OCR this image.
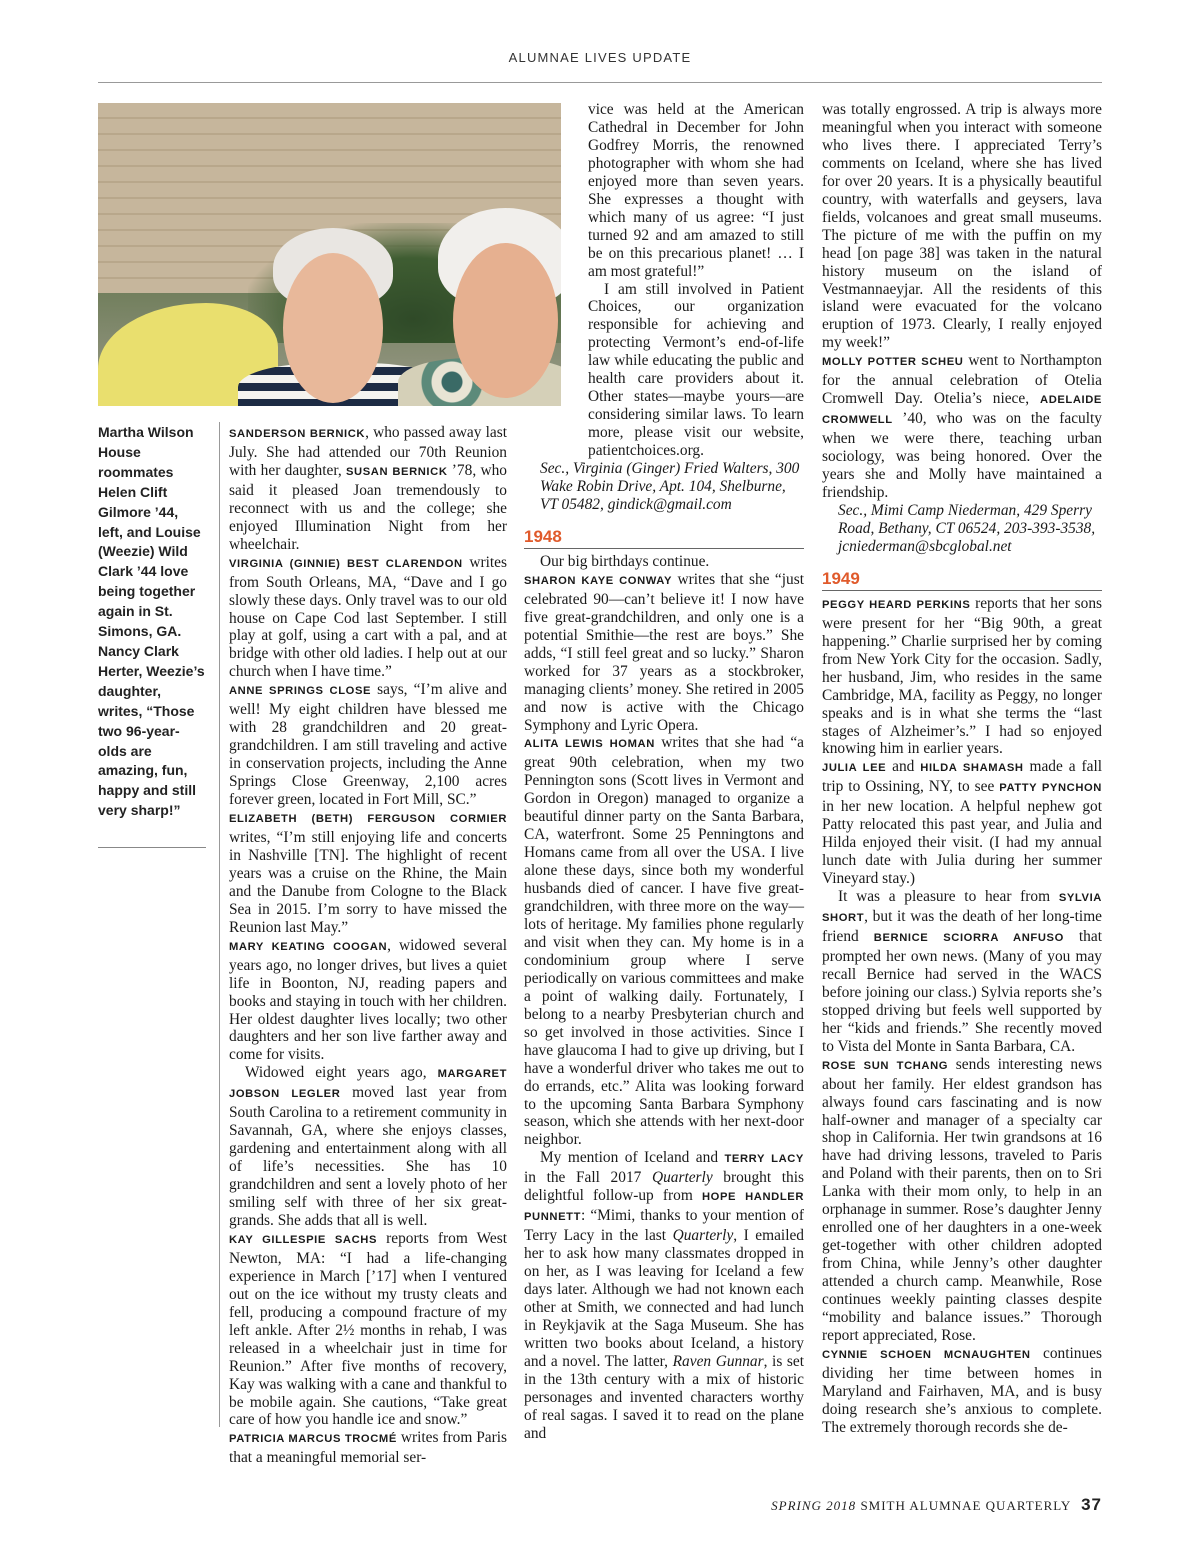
ALUMNAE LIVES UPDATE
Martha Wilson House roommates Helen Clift Gilmore ’44, left, and Louise (Weezie) Wild Clark ’44 love being together again in St. Simons, GA. Nancy Clark Herter, Weezie’s daughter, writes, “Those two 96-year-olds are amazing, fun, happy and still very sharp!”

SANDERSON BERNICK, who passed away last July. She had attended our 70th Reunion with her daughter, SUSAN BERNICK ’78, who said it pleased Joan tremendously to reconnect with us and the college; she enjoyed Illumination Night from her wheelchair.

VIRGINIA (GINNIE) BEST CLARENDON writes from South Orleans, MA, “Dave and I go slowly these days. Only travel was to our old house on Cape Cod last September. I still play at golf, using a cart with a pal, and at bridge with other old ladies. I help out at our church when I have time.”

ANNE SPRINGS CLOSE says, “I’m alive and well! My eight children have blessed me with 28 grandchildren and 20 great-grandchildren. I am still traveling and active in conservation projects, including the Anne Springs Close Greenway, 2,100 acres forever green, located in Fort Mill, SC.”

ELIZABETH (BETH) FERGUSON CORMIER writes, “I’m still enjoying life and concerts in Nashville [TN]. The highlight of recent years was a cruise on the Rhine, the Main and the Danube from Cologne to the Black Sea in 2015. I’m sorry to have missed the Reunion last May.”

MARY KEATING COOGAN, widowed several years ago, no longer drives, but lives a quiet life in Boonton, NJ, reading papers and books and staying in touch with her children. Her oldest daughter lives locally; two other daughters and her son live farther away and come for visits.

Widowed eight years ago, MARGARET JOBSON LEGLER moved last year from South Carolina to a retirement community in Savannah, GA, where she enjoys classes, gardening and entertainment along with all of life’s necessities. She has 10 grandchildren and sent a lovely photo of her smiling self with three of her six great-grands. She adds that all is well.

KAY GILLESPIE SACHS reports from West Newton, MA: “I had a life-changing experience in March [’17] when I ventured out on the ice without my trusty cleats and fell, producing a compound fracture of my left ankle. After 2½ months in rehab, I was released in a wheelchair just in time for Reunion.” After five months of recovery, Kay was walking with a cane and thankful to be mobile again. She cautions, “Take great care of how you handle ice and snow.”

PATRICIA MARCUS TROCMÉ writes from Paris that a meaningful memorial ser-

vice was held at the American Cathedral in December for John Godfrey Morris, the renowned photographer with whom she had enjoyed more than seven years. She expresses a thought with which many of us agree: “I just turned 92 and am amazed to still be on this precarious planet! … I am most grateful!”

I am still involved in Patient Choices, our organization responsible for achieving and protecting Vermont’s end-of-life law while educating the public and health care providers about it. Other states—maybe yours—are considering similar laws. To learn more, please visit our website, patientchoices.org.

Sec., Virginia (Ginger) Fried Walters, 300 Wake Robin Drive, Apt. 104, Shelburne, VT 05482, gindick@gmail.com

1948

Our big birthdays continue.

SHARON KAYE CONWAY writes that she “just celebrated 90—can’t believe it! I now have five great-grandchildren, and only one is a potential Smithie—the rest are boys.” She adds, “I still feel great and so lucky.” Sharon worked for 37 years as a stockbroker, managing clients’ money. She retired in 2005 and now is active with the Chicago Symphony and Lyric Opera.

ALITA LEWIS HOMAN writes that she had “a great 90th celebration, when my two Pennington sons (Scott lives in Vermont and Gordon in Oregon) managed to organize a beautiful dinner party on the Santa Barbara, CA, waterfront. Some 25 Penningtons and Homans came from all over the USA. I live alone these days, since both my wonderful husbands died of cancer. I have five great-grandchildren, with three more on the way—lots of heritage. My families phone regularly and visit when they can. My home is in a condominium group where I serve periodically on various committees and make a point of walking daily. Fortunately, I belong to a nearby Presbyterian church and so get involved in those activities. Since I have glaucoma I had to give up driving, but I have a wonderful driver who takes me out to do errands, etc.” Alita was looking forward to the upcoming Santa Barbara Symphony season, which she attends with her next-door neighbor.

My mention of Iceland and TERRY LACY in the Fall 2017 Quarterly brought this delightful follow-up from HOPE HANDLER PUNNETT: “Mimi, thanks to your mention of Terry Lacy in the last Quarterly, I emailed her to ask how many classmates dropped in on her, as I was leaving for Iceland a few days later. Although we had not known each other at Smith, we connected and had lunch in Reykjavik at the Saga Museum. She has written two books about Iceland, a history and a novel. The latter, Raven Gunnar, is set in the 13th century with a mix of historic personages and invented characters worthy of real sagas. I saved it to read on the plane and

was totally engrossed. A trip is always more meaningful when you interact with someone who lives there. I appreciated Terry’s comments on Iceland, where she has lived for over 20 years. It is a physically beautiful country, with waterfalls and geysers, lava fields, volcanoes and great small museums. The picture of me with the puffin on my head [on page 38] was taken in the natural history museum on the island of Vestmannaeyjar. All the residents of this island were evacuated for the volcano eruption of 1973. Clearly, I really enjoyed my week!”

MOLLY POTTER SCHEU went to Northampton for the annual celebration of Otelia Cromwell Day. Otelia’s niece, ADELAIDE CROMWELL ’40, who was on the faculty when we were there, teaching urban sociology, was being honored. Over the years she and Molly have maintained a friendship.

Sec., Mimi Camp Niederman, 429 Sperry Road, Bethany, CT 06524, 203-393-3538, jcniederman@sbcglobal.net

1949

PEGGY HEARD PERKINS reports that her sons were present for her “Big 90th, a great happening.” Charlie surprised her by coming from New York City for the occasion. Sadly, her husband, Jim, who resides in the same Cambridge, MA, facility as Peggy, no longer speaks and is in what she terms the “last stages of Alzheimer’s.” I had so enjoyed knowing him in earlier years.

JULIA LEE and HILDA SHAMASH made a fall trip to Ossining, NY, to see PATTY PYNCHON in her new location. A helpful nephew got Patty relocated this past year, and Julia and Hilda enjoyed their visit. (I had my annual lunch date with Julia during her summer Vineyard stay.)

It was a pleasure to hear from SYLVIA SHORT, but it was the death of her long-time friend BERNICE SCIORRA ANFUSO that prompted her own news. (Many of you may recall Bernice had served in the WACS before joining our class.) Sylvia reports she’s stopped driving but feels well supported by her “kids and friends.” She recently moved to Vista del Monte in Santa Barbara, CA.

ROSE SUN TCHANG sends interesting news about her family. Her eldest grandson has always found cars fascinating and is now half-owner and manager of a specialty car shop in California. Her twin grandsons at 16 have had driving lessons, traveled to Paris and Poland with their parents, then on to Sri Lanka with their mom only, to help in an orphanage in summer. Rose’s daughter Jenny enrolled one of her daughters in a one-week get-together with other children adopted from China, while Jenny’s other daughter attended a church camp. Meanwhile, Rose continues weekly painting classes despite “mobility and balance issues.” Thorough report appreciated, Rose.

CYNNIE SCHOEN MCNAUGHTEN continues dividing her time between homes in Maryland and Fairhaven, MA, and is busy doing research she’s anxious to complete. The extremely thorough records she de-

SPRING 2018 SMITH ALUMNAE QUARTERLY 37
